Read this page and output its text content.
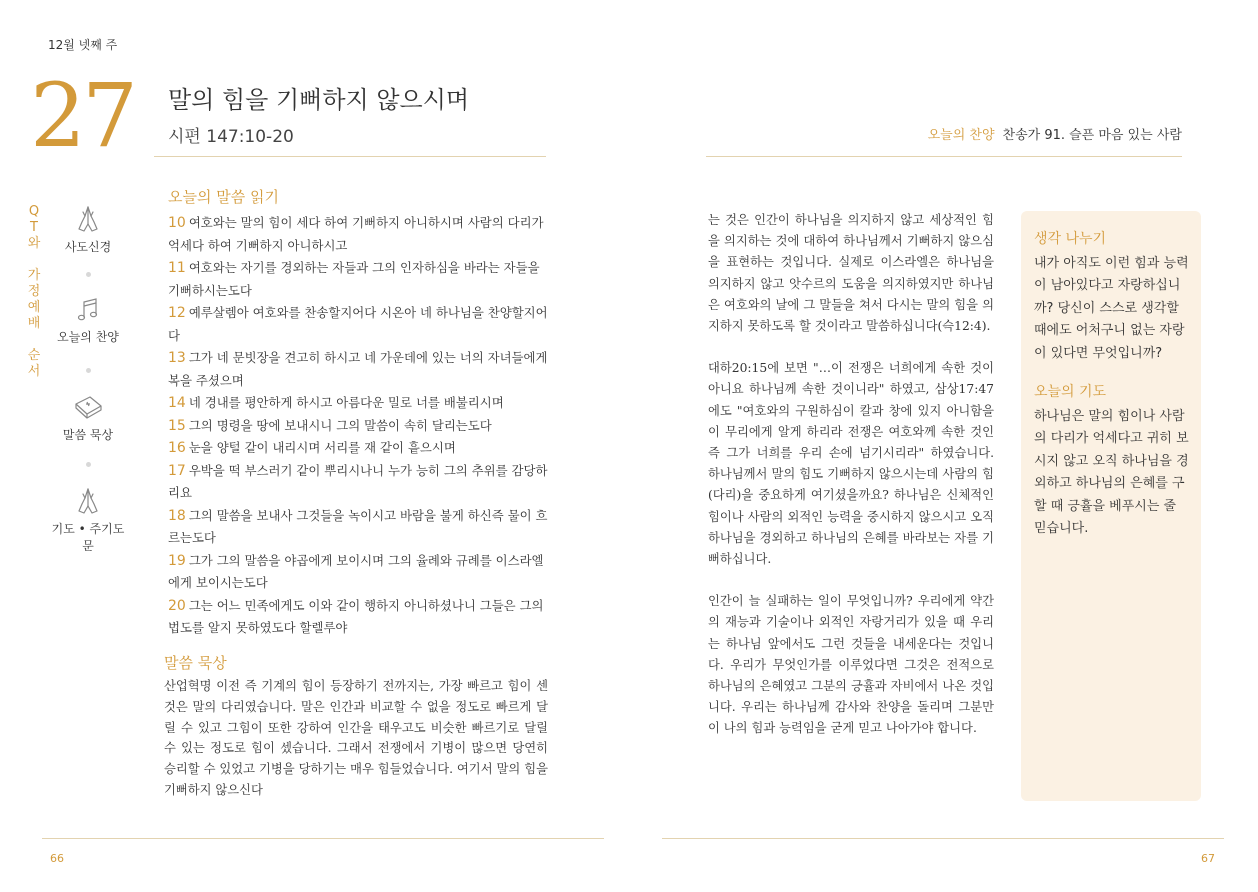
12월 넷째 주
27 말의 힘을 기뻐하지 않으시며
시편 147:10-20
Q
T
와

가
정
예
배

순
서
사도신경
오늘의 찬양
말씀 묵상
기도 • 주기도문
오늘의 말씀 읽기
10 여호와는 말의 힘이 세다 하여 기뻐하지 아니하시며 사람의 다리가 억세다 하여 기뻐하지 아니하시고
11 여호와는 자기를 경외하는 자들과 그의 인자하심을 바라는 자들을 기뻐하시는도다
12 예루살렘아 여호와를 찬송할지어다 시온아 네 하나님을 찬양할지어다
13 그가 네 문빗장을 견고히 하시고 네 가운데에 있는 너의 자녀들에게 복을 주셨으며
14 네 경내를 평안하게 하시고 아름다운 밀로 너를 배불리시며
15 그의 명령을 땅에 보내시니 그의 말씀이 속히 달리는도다
16 눈을 양털 같이 내리시며 서리를 재 같이 흩으시며
17 우박을 떡 부스러기 같이 뿌리시나니 누가 능히 그의 추위를 감당하리요
18 그의 말씀을 보내사 그것들을 녹이시고 바람을 불게 하신즉 물이 흐르는도다
19 그가 그의 말씀을 야곱에게 보이시며 그의 율례와 규례를 이스라엘에게 보이시는도다
20 그는 어느 민족에게도 이와 같이 행하지 아니하셨나니 그들은 그의 법도를 알지 못하였도다 할렐루야
말씀 묵상
산업혁명 이전 즉 기계의 힘이 등장하기 전까지는, 가장 빠르고 힘이 센 것은 말의 다리였습니다. 말은 인간과 비교할 수 없을 정도로 빠르게 달릴 수 있고 그힘이 또한 강하여 인간을 태우고도 비슷한 빠르기로 달릴 수 있는 정도로 힘이 셌습니다. 그래서 전쟁에서 기병이 많으면 당연히 승리할 수 있었고 기병을 당하기는 매우 힘들었습니다. 여기서 말의 힘을 기뻐하지 않으신다
66
오늘의 찬양 찬송가 91. 슬픈 마음 있는 사람

는 것은 인간이 하나님을 의지하지 않고 세상적인 힘을 의지하는 것에 대하여 하나님께서 기뻐하지 않으심을 표현하는 것입니다. 실제로 이스라엘은 하나님을 의지하지 않고 앗수르의 도움을 의지하였지만 하나님은 여호와의 날에 그 말들을 쳐서 다시는 말의 힘을 의지하지 못하도록 할 것이라고 말씀하십니다(슥12:4).

대하20:15에 보면 "…이 전쟁은 너희에게 속한 것이 아니요 하나님께 속한 것이니라" 하였고, 삼상17:47에도 "여호와의 구원하심이 칼과 창에 있지 아니함을 이 무리에게 알게 하리라 전쟁은 여호와께 속한 것인즉 그가 너희를 우리 손에 넘기시리라" 하였습니다. 하나님께서 말의 힘도 기뻐하지 않으시는데 사람의 힘(다리)을 중요하게 여기셨을까요? 하나님은 신체적인 힘이나 사람의 외적인 능력을 중시하지 않으시고 오직 하나님을 경외하고 하나님의 은혜를 바라보는 자를 기뻐하십니다.

인간이 늘 실패하는 일이 무엇입니까? 우리에게 약간의 재능과 기술이나 외적인 자랑거리가 있을 때 우리는 하나님 앞에서도 그런 것들을 내세운다는 것입니다. 우리가 무엇인가를 이루었다면 그것은 전적으로 하나님의 은혜였고 그분의 긍휼과 자비에서 나온 것입니다. 우리는 하나님께 감사와 찬양을 돌리며 그분만이 나의 힘과 능력임을 굳게 믿고 나아가야 합니다.

생각 나누기
내가 아직도 이런 힘과 능력이 남아있다고 자랑하십니까? 당신이 스스로 생각할 때에도 어처구니 없는 자랑이 있다면 무엇입니까?
오늘의 기도
하나님은 말의 힘이나 사람의 다리가 억세다고 귀히 보시지 않고 오직 하나님을 경외하고 하나님의 은혜를 구할 때 긍휼을 베푸시는 줄 믿습니다.
67
